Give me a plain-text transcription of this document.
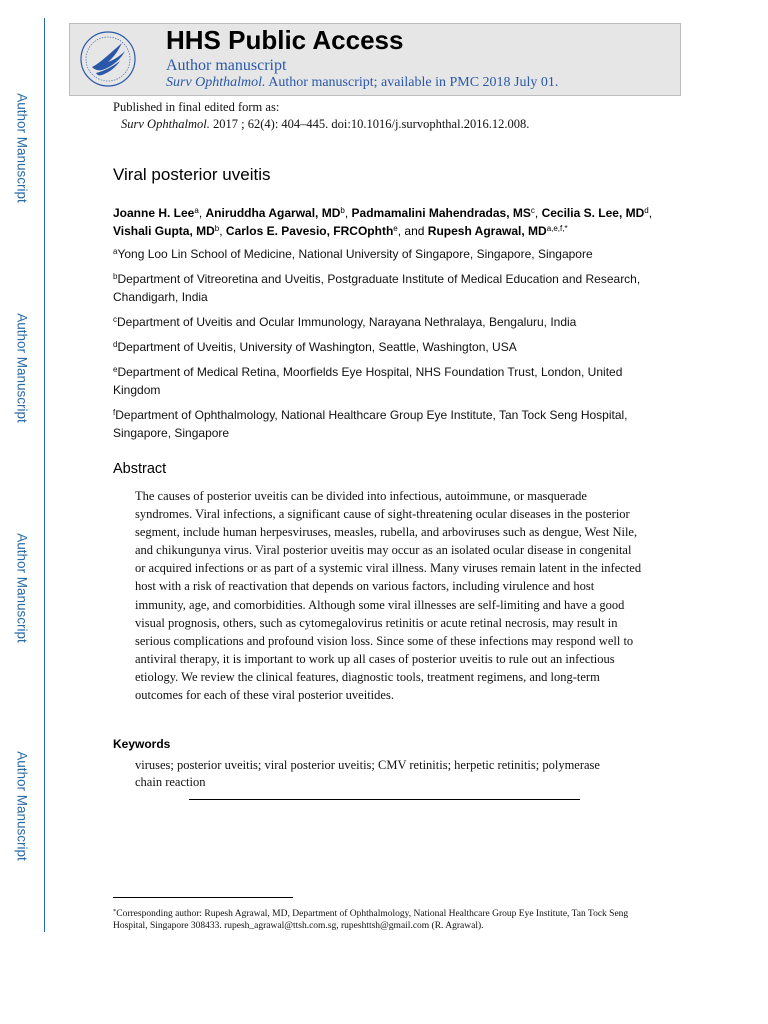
Author Manuscript
Author Manuscript
Author Manuscript
Author Manuscript
HHS Public Access
Author manuscript
Surv Ophthalmol. Author manuscript; available in PMC 2018 July 01.
Published in final edited form as:
Surv Ophthalmol. 2017 ; 62(4): 404–445. doi:10.1016/j.survophthal.2016.12.008.
Viral posterior uveitis
Joanne H. Lee$^a$, Aniruddha Agarwal, $MD^b$, Padmamalini Mahendradas, $MS^c$, Cecilia S. Lee, $MD^d$, Vishali Gupta, $MD^b$, Carlos E. Pavesio, FRCOphth$^e$, and Rupesh Agrawal, $MD^{a,e,f,*}$

$^a$Yong Loo Lin School of Medicine, National University of Singapore, Singapore, Singapore

$^b$Department of Vitreoretina and Uveitis, Postgraduate Institute of Medical Education and Research, Chandigarh, India

$^c$Department of Uveitis and Ocular Immunology, Narayana Nethralaya, Bengaluru, India

$^d$Department of Uveitis, University of Washington, Seattle, Washington, USA

$^e$Department of Medical Retina, Moorfields Eye Hospital, NHS Foundation Trust, London, United Kingdom

$^f$Department of Ophthalmology, National Healthcare Group Eye Institute, Tan Tock Seng Hospital, Singapore, Singapore

Abstract

The causes of posterior uveitis can be divided into infectious, autoimmune, or masquerade syndromes. Viral infections, a significant cause of sight-threatening ocular diseases in the posterior segment, include human herpesviruses, measles, rubella, and arboviruses such as dengue, West Nile, and chikungunya virus. Viral posterior uveitis may occur as an isolated ocular disease in congenital or acquired infections or as part of a systemic viral illness. Many viruses remain latent in the infected host with a risk of reactivation that depends on various factors, including virulence and host immunity, age, and comorbidities. Although some viral illnesses are self-limiting and have a good visual prognosis, others, such as cytomegalovirus retinitis or acute retinal necrosis, may result in serious complications and profound vision loss. Since some of these infections may respond well to antiviral therapy, it is important to work up all cases of posterior uveitis to rule out an infectious etiology. We review the clinical features, diagnostic tools, treatment regimens, and long-term outcomes for each of these viral posterior uveitides.

Keywords

viruses; posterior uveitis; viral posterior uveitis; CMV retinitis; herpetic retinitis; polymerase chain reaction

*Corresponding author: Rupesh Agrawal, MD, Department of Ophthalmology, National Healthcare Group Eye Institute, Tan Tock Seng Hospital, Singapore 308433. rupesh_agrawal@ttsh.com.sg, rupeshttsh@gmail.com (R. Agrawal).
